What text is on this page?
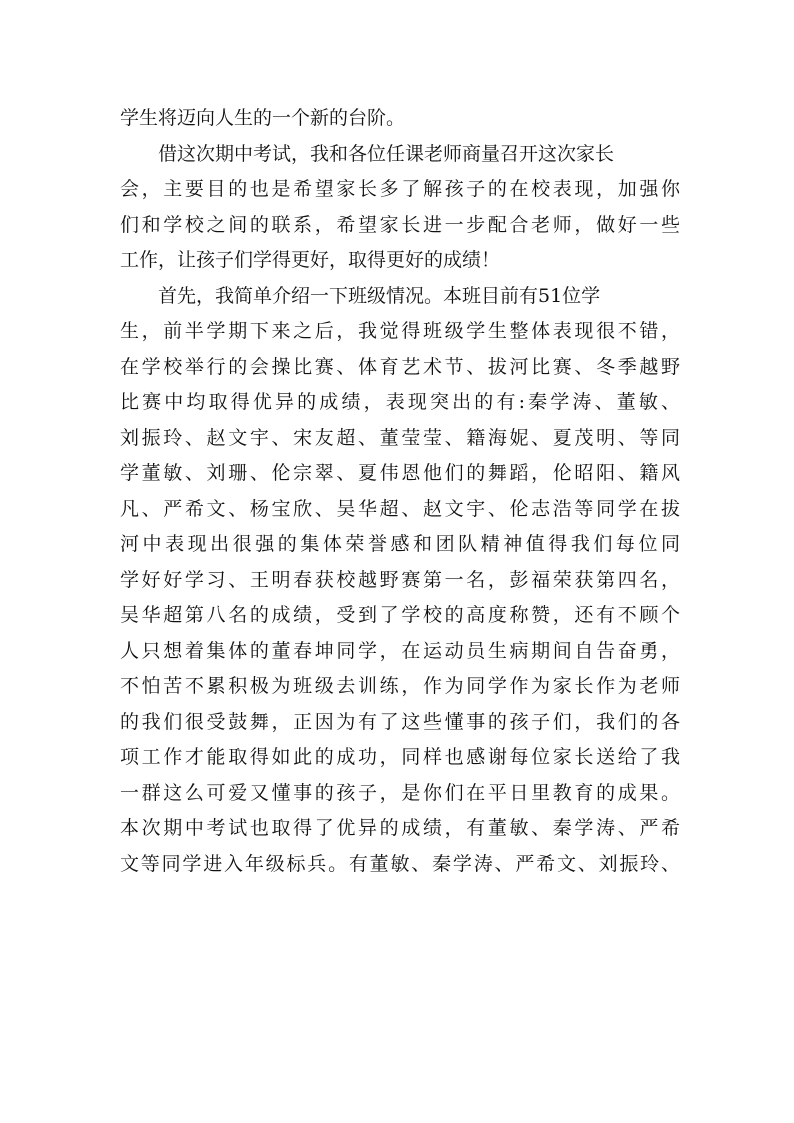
学生将迈向人生的一个新的台阶。
借这次期中考试，我和各位任课老师商量召开这次家长
会，主要目的也是希望家长多了解孩子的在校表现，加强你
们和学校之间的联系，希望家长进一步配合老师，做好一些
工作，让孩子们学得更好，取得更好的成绩！
首先，我简单介绍一下班级情况。本班目前有51位学
生，前半学期下来之后，我觉得班级学生整体表现很不错，
在学校举行的会操比赛、体育艺术节、拔河比赛、冬季越野
比赛中均取得优异的成绩，表现突出的有:秦学涛、董敏、
刘振玲、赵文宇、宋友超、董莹莹、籍海妮、夏茂明、等同
学董敏、刘珊、伦宗翠、夏伟恩他们的舞蹈，伦昭阳、籍风
凡、严希文、杨宝欣、吴华超、赵文宇、伦志浩等同学在拔
河中表现出很强的集体荣誉感和团队精神值得我们每位同
学好好学习、王明春获校越野赛第一名，彭福荣获第四名，
吴华超第八名的成绩，受到了学校的高度称赞，还有不顾个
人只想着集体的董春坤同学，在运动员生病期间自告奋勇，
不怕苦不累积极为班级去训练，作为同学作为家长作为老师
的我们很受鼓舞，正因为有了这些懂事的孩子们，我们的各
项工作才能取得如此的成功，同样也感谢每位家长送给了我
一群这么可爱又懂事的孩子，是你们在平日里教育的成果。
本次期中考试也取得了优异的成绩，有董敏、秦学涛、严希
文等同学进入年级标兵。有董敏、秦学涛、严希文、刘振玲、
